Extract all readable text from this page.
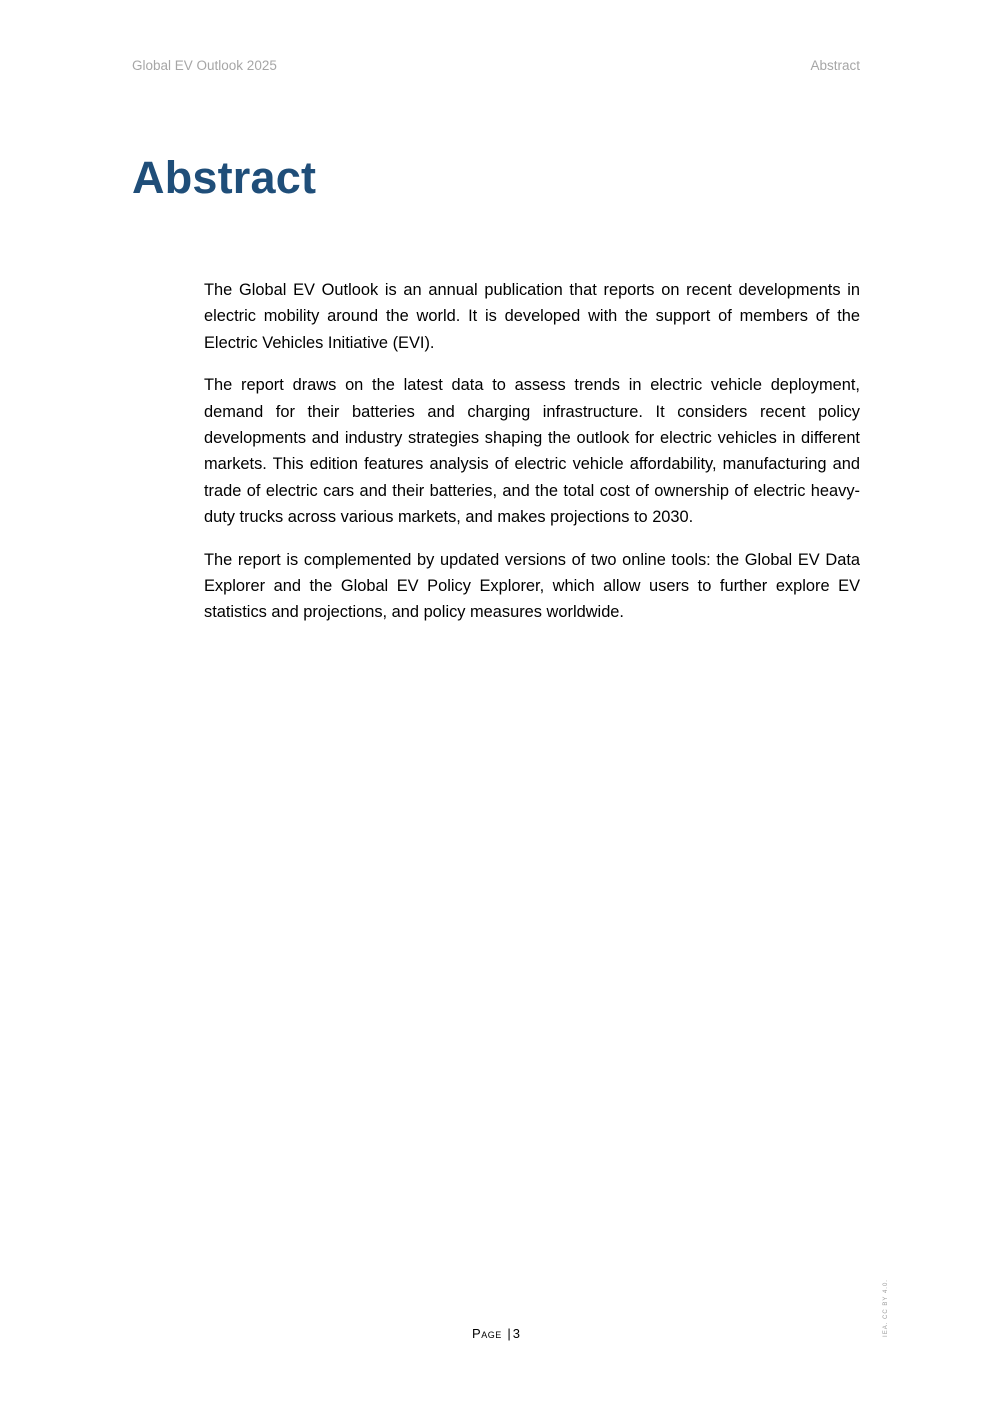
Global EV Outlook 2025	Abstract
Abstract

The Global EV Outlook is an annual publication that reports on recent developments in electric mobility around the world. It is developed with the support of members of the Electric Vehicles Initiative (EVI).

The report draws on the latest data to assess trends in electric vehicle deployment, demand for their batteries and charging infrastructure. It considers recent policy developments and industry strategies shaping the outlook for electric vehicles in different markets. This edition features analysis of electric vehicle affordability, manufacturing and trade of electric cars and their batteries, and the total cost of ownership of electric heavy-duty trucks across various markets, and makes projections to 2030.

The report is complemented by updated versions of two online tools: the Global EV Data Explorer and the Global EV Policy Explorer, which allow users to further explore EV statistics and projections, and policy measures worldwide.

Page | 3	IEA. CC BY 4.0.
